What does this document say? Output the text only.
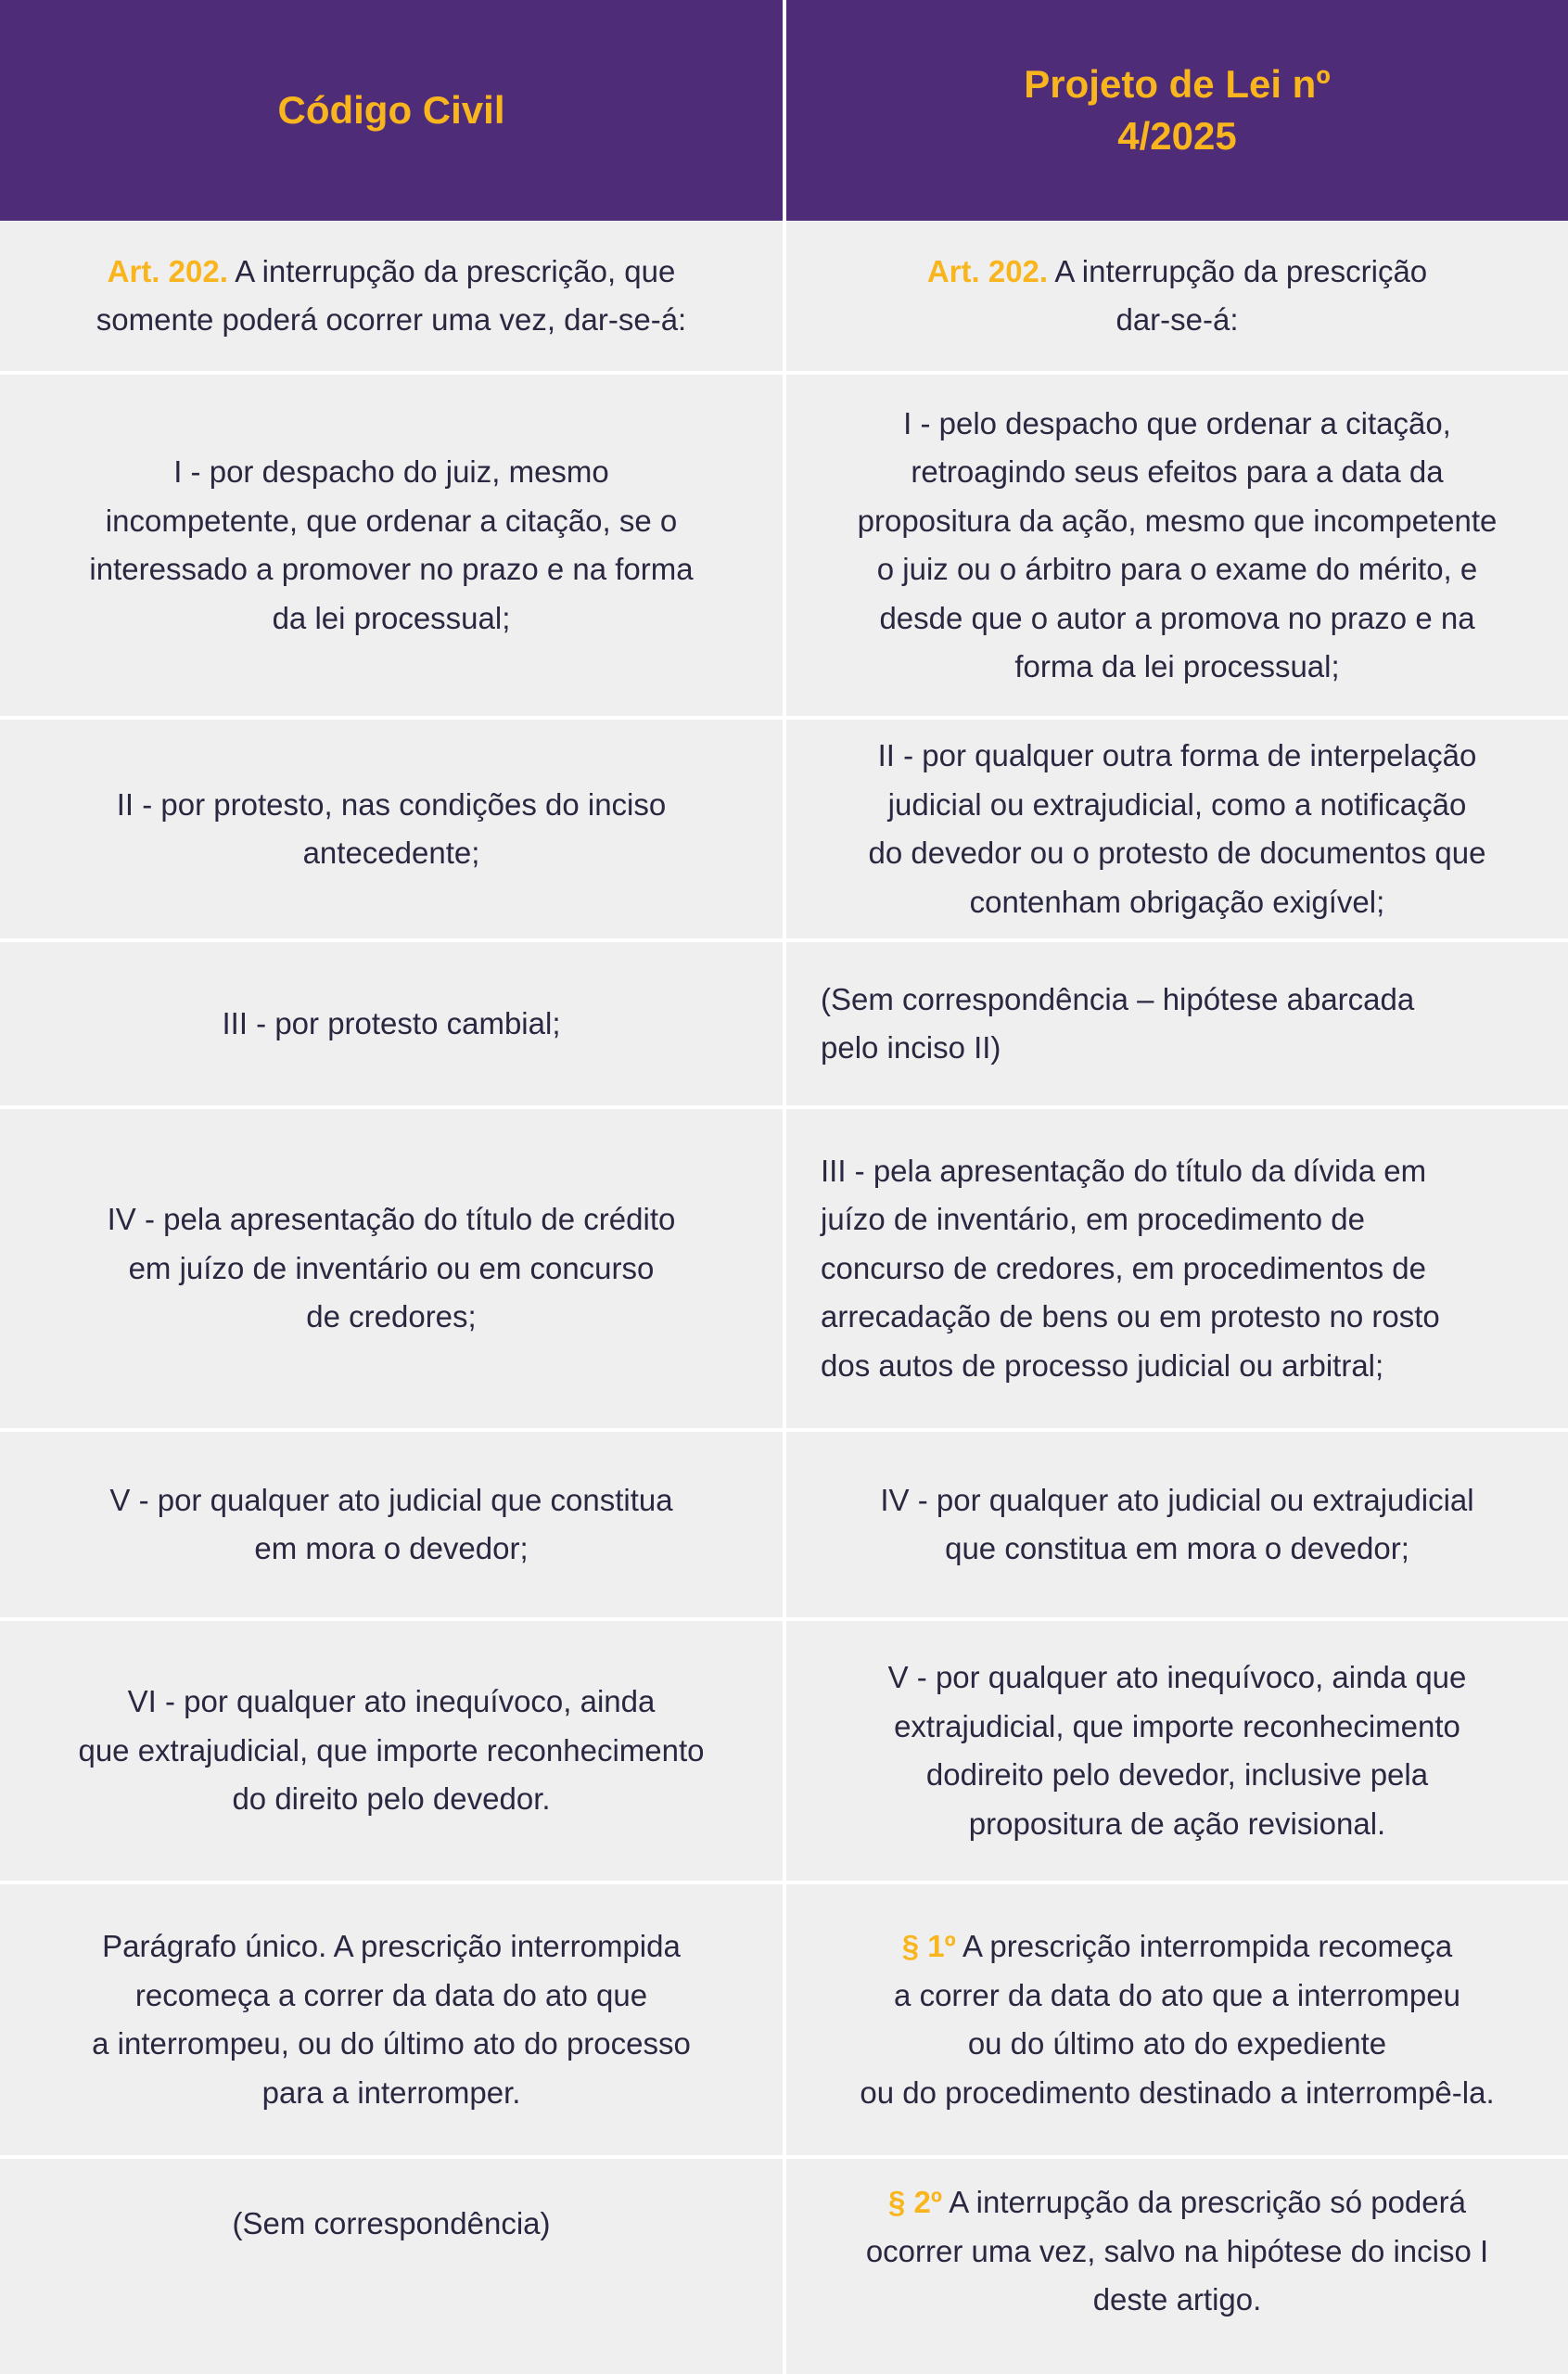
Código Civil
Projeto de Lei nº
4/2025
Art. 202. A interrupção da prescrição, que
somente poderá ocorrer uma vez, dar-se-á:
Art. 202. A interrupção da prescrição
dar-se-á:
I - por despacho do juiz, mesmo
incompetente, que ordenar a citação, se o
interessado a promover no prazo e na forma
da lei processual;
I - pelo despacho que ordenar a citação,
retroagindo seus efeitos para a data da
propositura da ação, mesmo que incompetente
o juiz ou o árbitro para o exame do mérito, e
desde que o autor a promova no prazo e na
forma da lei processual;
II - por protesto, nas condições do inciso
antecedente;
II - por qualquer outra forma de interpelação
judicial ou extrajudicial, como a notificação
do devedor ou o protesto de documentos que
contenham obrigação exigível;
III - por protesto cambial;
(Sem correspondência – hipótese abarcada
pelo inciso II)
IV - pela apresentação do título de crédito
em juízo de inventário ou em concurso
de credores;
III - pela apresentação do título da dívida em
juízo de inventário, em procedimento de
concurso de credores, em procedimentos de
arrecadação de bens ou em protesto no rosto
dos autos de processo judicial ou arbitral;
V - por qualquer ato judicial que constitua
em mora o devedor;
IV - por qualquer ato judicial ou extrajudicial
que constitua em mora o devedor;
VI - por qualquer ato inequívoco, ainda
que extrajudicial, que importe reconhecimento
do direito pelo devedor.
V - por qualquer ato inequívoco, ainda que
extrajudicial, que importe reconhecimento
dodireito pelo devedor, inclusive pela
propositura de ação revisional.
Parágrafo único. A prescrição interrompida
recomeça a correr da data do ato que
a interrompeu, ou do último ato do processo
para a interromper.
§ 1º A prescrição interrompida recomeça
a correr da data do ato que a interrompeu
ou do último ato do expediente
ou do procedimento destinado a interrompê-la.
(Sem correspondência)
§ 2º A interrupção da prescrição só poderá
ocorrer uma vez, salvo na hipótese do inciso I
deste artigo.
